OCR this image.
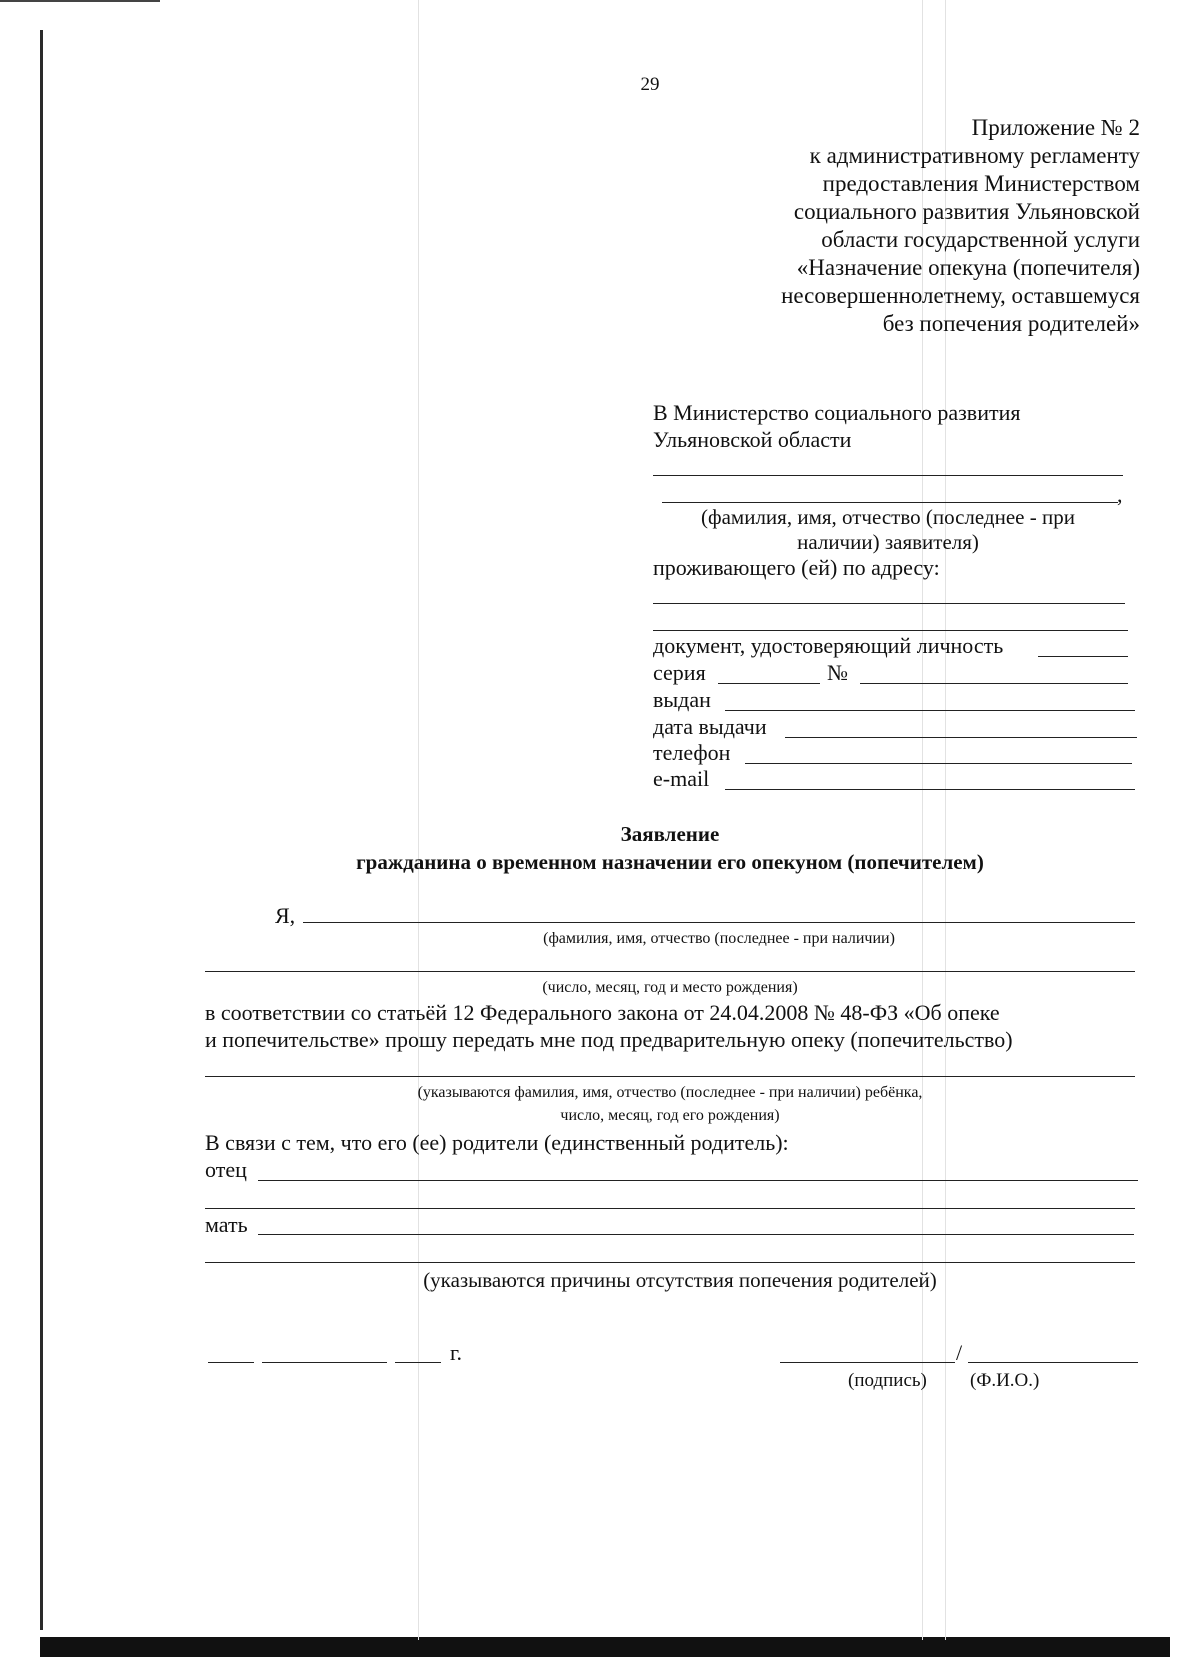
29
Приложение № 2
к административному регламенту
предоставления Министерством
социального развития Ульяновской
области государственной услуги
«Назначение опекуна (попечителя)
несовершеннолетнему, оставшемуся
без попечения родителей»
В Министерство социального развития
Ульяновской области
,
(фамилия, имя, отчество (последнее - при
наличии) заявителя)
проживающего (ей) по адресу:
документ, удостоверяющий личность
серия	№
выдан
дата выдачи
телефон
e-mail
Заявление
гражданина о временном назначении его опекуном (попечителем)
Я,
(фамилия, имя, отчество (последнее - при наличии)
(число, месяц, год и место рождения)
в соответствии со статьёй 12 Федерального закона от 24.04.2008 № 48-ФЗ «Об опеке
и попечительстве» прошу передать мне под предварительную опеку (попечительство)
(указываются фамилия, имя, отчество (последнее - при наличии) ребёнка,
число, месяц, год его рождения)
В связи с тем, что его (ее) родители (единственный родитель):
отец
мать
(указываются причины отсутствия попечения родителей)
г.	/
(подпись) (Ф.И.О.)
